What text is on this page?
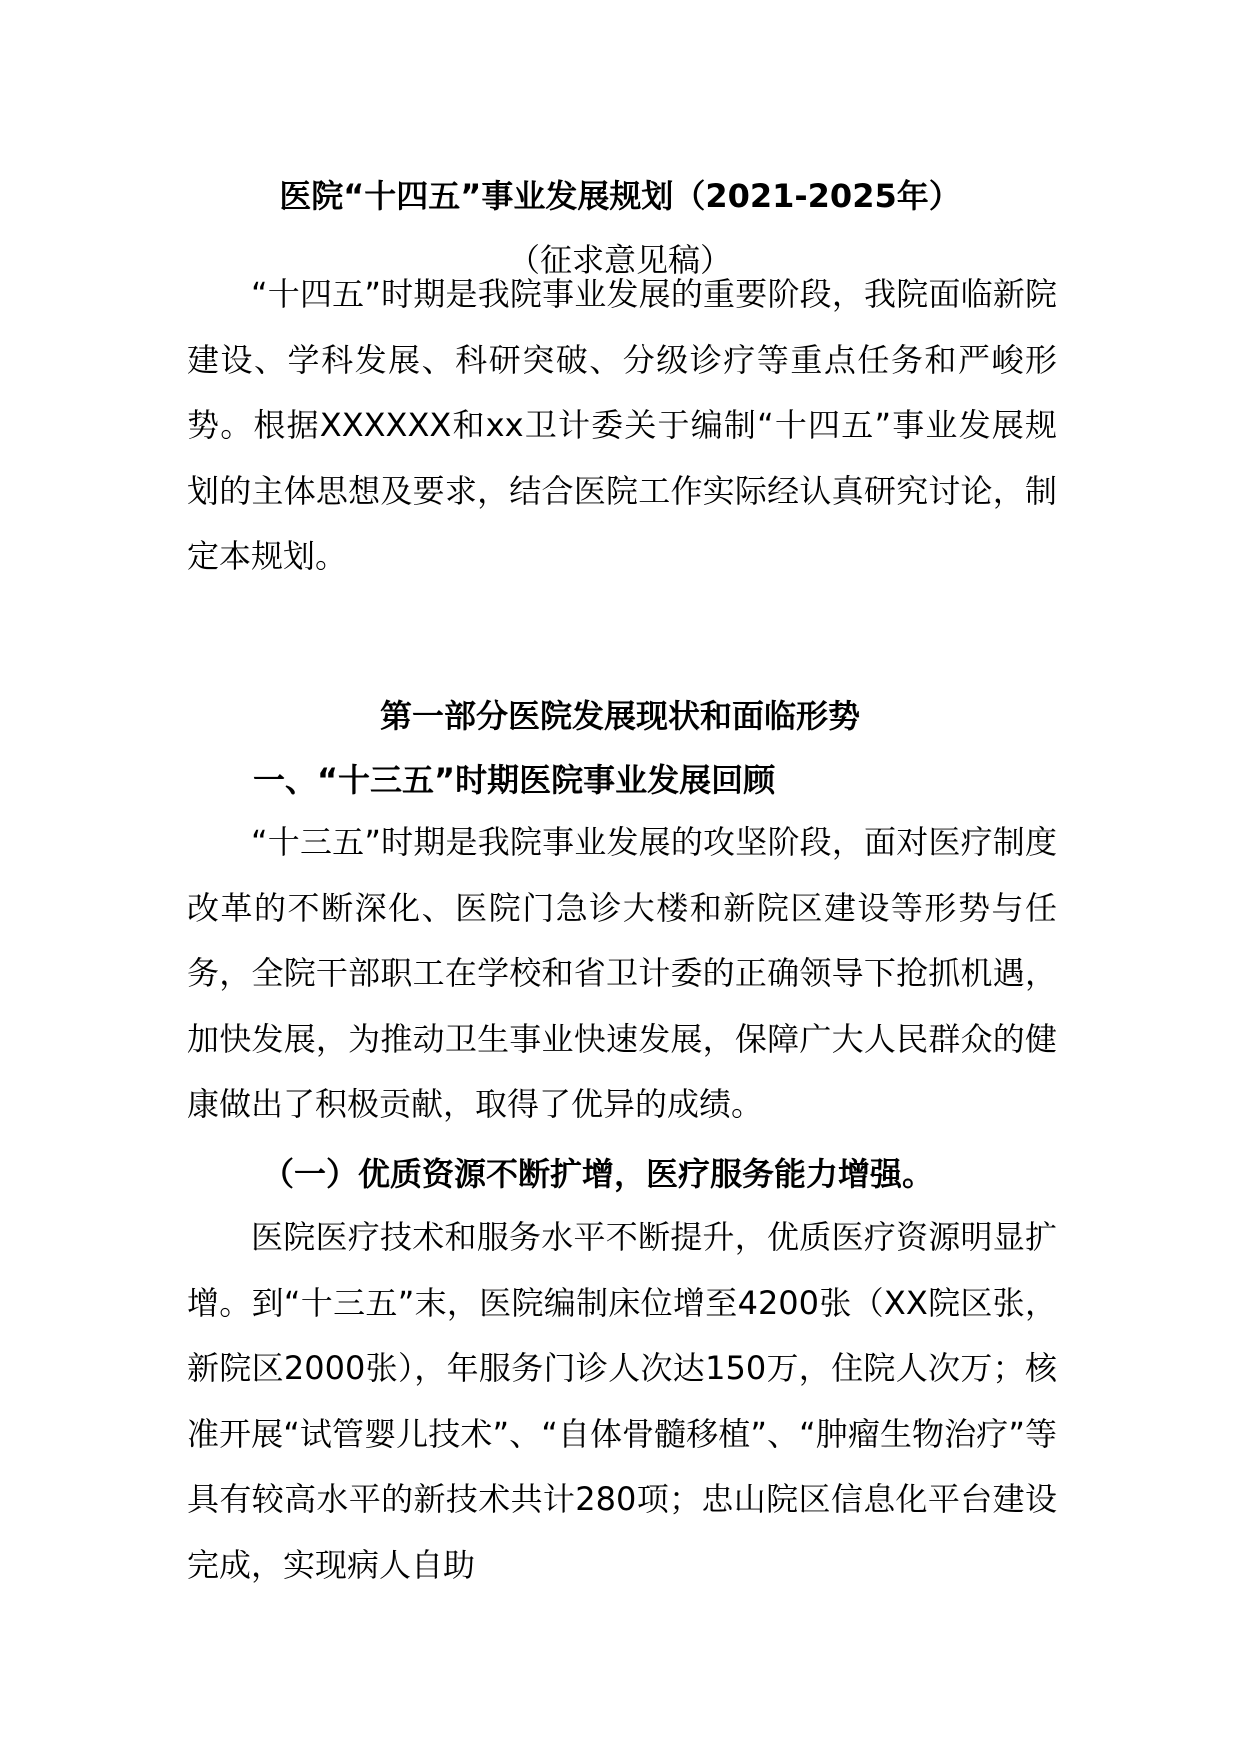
医院“十四五”事业发展规划（2021-2025年）
（征求意见稿）

“十四五”时期是我院事业发展的重要阶段，我院面临新院建设、学科发展、科研突破、分级诊疗等重点任务和严峻形势。根据XXXXXX和xx卫计委关于编制“十四五”事业发展规划的主体思想及要求，结合医院工作实际经认真研究讨论，制定本规划。

第一部分医院发展现状和面临形势
一、“十三五”时期医院事业发展回顾

“十三五”时期是我院事业发展的攻坚阶段，面对医疗制度改革的不断深化、医院门急诊大楼和新院区建设等形势与任务，全院干部职工在学校和省卫计委的正确领导下抢抓机遇，加快发展，为推动卫生事业快速发展，保障广大人民群众的健康做出了积极贡献，取得了优异的成绩。

（一）优质资源不断扩增，医疗服务能力增强。

医院医疗技术和服务水平不断提升，优质医疗资源明显扩增。到“十三五”末，医院编制床位增至4200张（XX院区张，新院区2000张），年服务门诊人次达150万，住院人次万；核准开展“试管婴儿技术”、“自体骨髓移植”、“肿瘤生物治疗”等具有较高水平的新技术共计280项；忠山院区信息化平台建设完成，实现病人自助
